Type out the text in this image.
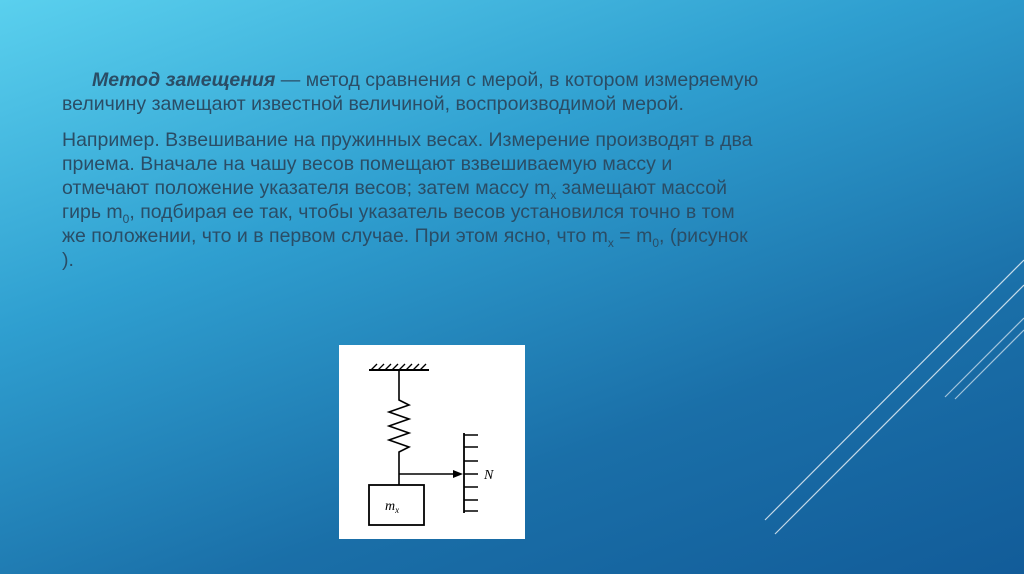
Метод замещения — метод сравнения с мерой, в котором измеряемую величину замещают известной величиной, воспроизводимой мерой.

Например. Взвешивание на пружинных весах. Измерение производят в два приема. Вначале на чашу весов помещают взвешиваемую массу и отмечают положение указателя весов; затем массу $m_x$ замещают массой гирь $m_0$, подбирая ее так, чтобы указатель весов установился точно в том же положении, что и в первом случае. При этом ясно, что $m_x = m_0$, (рисунок ).

$m_x$
N
